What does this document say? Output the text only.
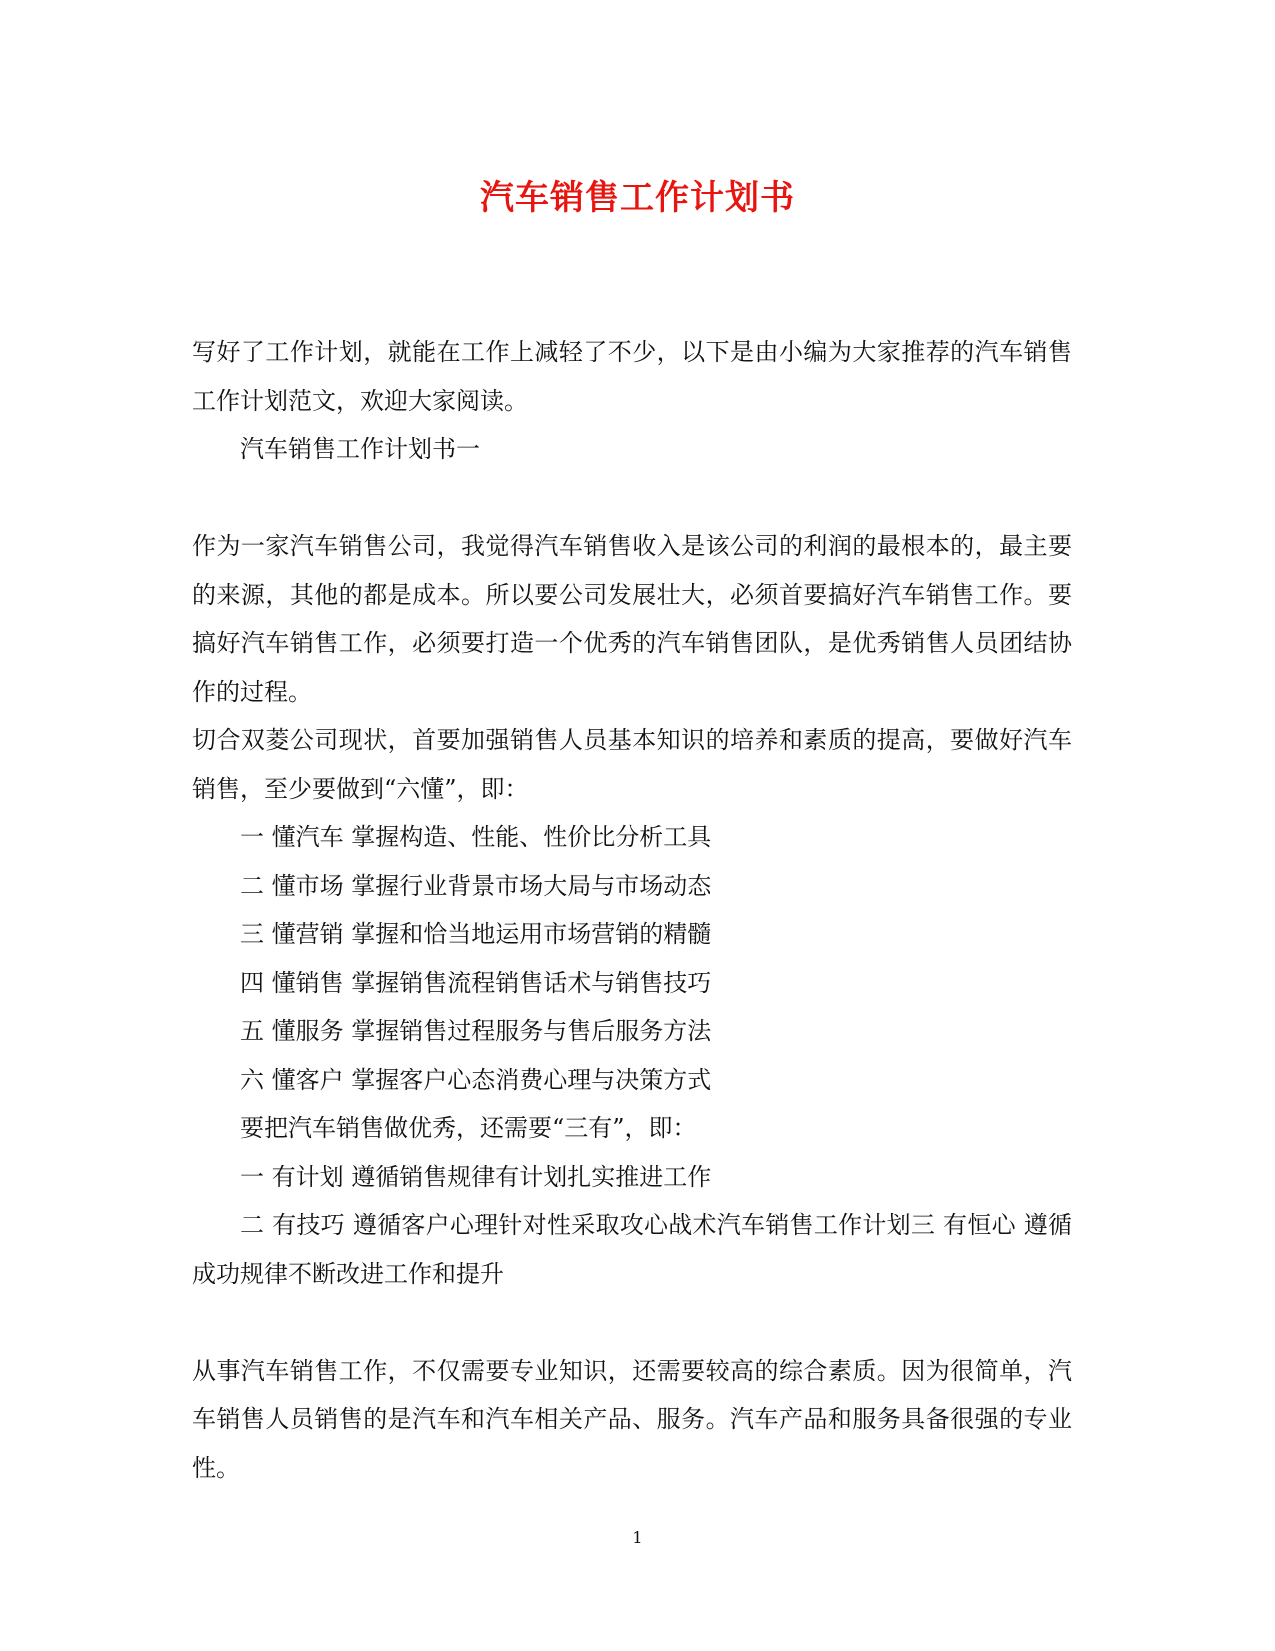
汽车销售工作计划书

写好了工作计划，就能在工作上减轻了不少，以下是由小编为大家推荐的汽车销售工作计划范文，欢迎大家阅读。

汽车销售工作计划书一

作为一家汽车销售公司，我觉得汽车销售收入是该公司的利润的最根本的，最主要的来源，其他的都是成本。所以要公司发展壮大，必须首要搞好汽车销售工作。要搞好汽车销售工作，必须要打造一个优秀的汽车销售团队，是优秀销售人员团结协作的过程。

切合双菱公司现状，首要加强销售人员基本知识的培养和素质的提高，要做好汽车销售，至少要做到“六懂”，即：

一 懂汽车 掌握构造、性能、性价比分析工具

二 懂市场 掌握行业背景市场大局与市场动态

三 懂营销 掌握和恰当地运用市场营销的精髓

四 懂销售 掌握销售流程销售话术与销售技巧

五 懂服务 掌握销售过程服务与售后服务方法

六 懂客户 掌握客户心态消费心理与决策方式

要把汽车销售做优秀，还需要“三有”，即：

一 有计划 遵循销售规律有计划扎实推进工作

二 有技巧 遵循客户心理针对性采取攻心战术汽车销售工作计划三 有恒心 遵循成功规律不断改进工作和提升

从事汽车销售工作，不仅需要专业知识，还需要较高的综合素质。因为很简单，汽车销售人员销售的是汽车和汽车相关产品、服务。汽车产品和服务具备很强的专业性。

1
